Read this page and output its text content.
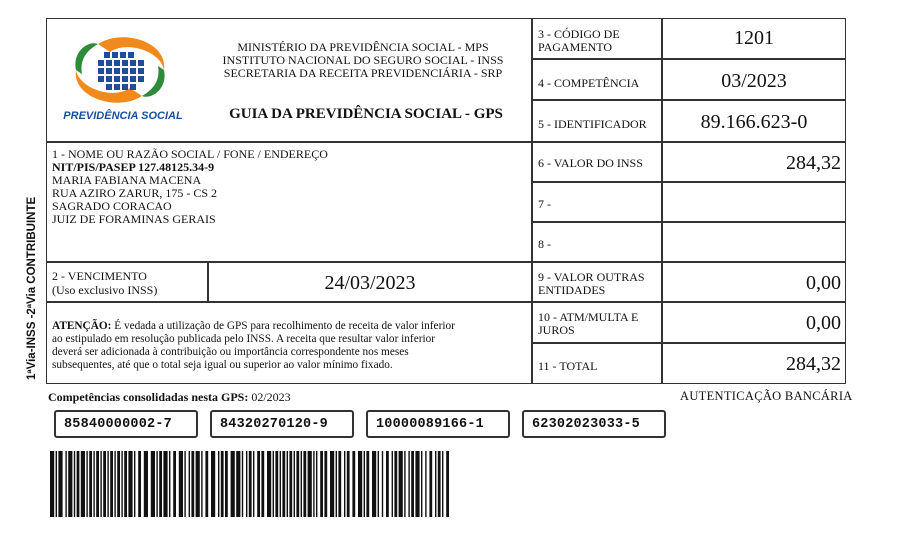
1ªVia-INSS -2ªVia CONTRIBUINTE
PREVIDÊNCIA SOCIAL
MINISTÉRIO DA PREVIDÊNCIA SOCIAL - MPS
INSTITUTO NACIONAL DO SEGURO SOCIAL - INSS
SECRETARIA DA RECEITA PREVIDENCIÁRIA - SRP
GUIA DA PREVIDÊNCIA SOCIAL - GPS
3 - CÓDIGO DE PAGAMENTO	1201
4 - COMPETÊNCIA	03/2023
5 - IDENTIFICADOR	89.166.623-0
1 - NOME OU RAZÃO SOCIAL / FONE / ENDEREÇO
NIT/PIS/PASEP 127.48125.34-9
MARIA FABIANA MACENA
RUA AZIRO ZARUR, 175 - CS 2
SAGRADO CORACAO
JUIZ DE FORAMINAS GERAIS
6 - VALOR DO INSS	284,32
7 -
8 -
2 - VENCIMENTO
(Uso exclusivo INSS)	24/03/2023	9 - VALOR OUTRAS ENTIDADES	0,00
ATENÇÃO: É vedada a utilização de GPS para recolhimento de receita de valor inferior
ao estipulado em resolução publicada pelo INSS. A receita que resultar valor inferior
deverá ser adicionada à contribuição ou importância correspondente nos meses
subsequentes, até que o total seja igual ou superior ao valor mínimo fixado.
10 - ATM/MULTA E JUROS	0,00
11 - TOTAL	284,32
Competências consolidadas nesta GPS: 02/2023	AUTENTICAÇÃO BANCÁRIA
85840000002-7	84320270120-9	10000089166-1	62302023033-5
